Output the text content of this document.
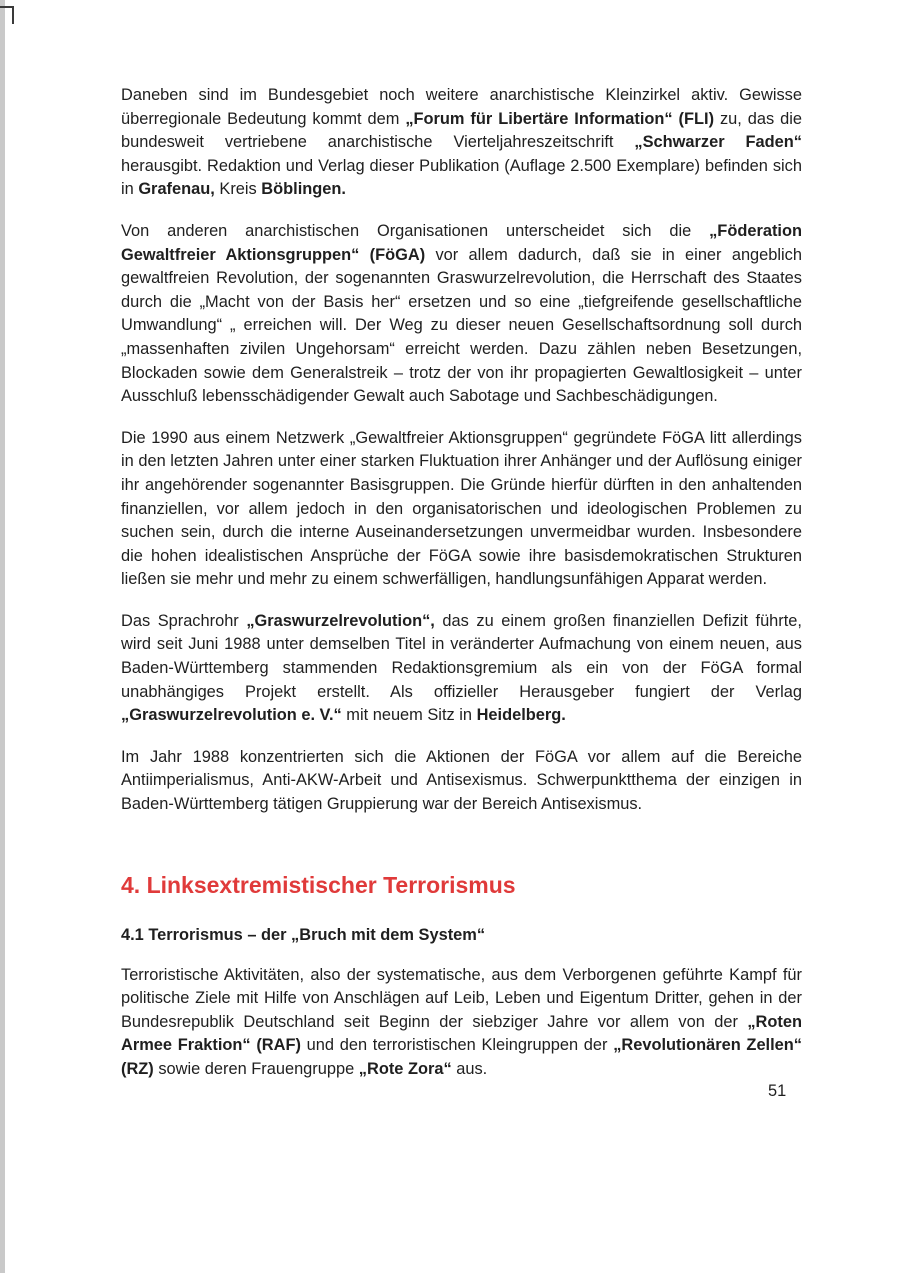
Daneben sind im Bundesgebiet noch weitere anarchistische Kleinzirkel aktiv. Gewisse überregionale Bedeutung kommt dem „Forum für Libertäre Information“ (FLI) zu, das die bundesweit vertriebene anarchistische Vierteljahreszeitschrift „Schwarzer Faden“ herausgibt. Redaktion und Verlag dieser Publikation (Auflage 2.500 Exemplare) befinden sich in Grafenau, Kreis Böblingen.

Von anderen anarchistischen Organisationen unterscheidet sich die „Föderation Gewaltfreier Aktionsgruppen“ (FöGA) vor allem dadurch, daß sie in einer angeblich gewaltfreien Revolution, der sogenannten Graswurzelrevolution, die Herrschaft des Staates durch die „Macht von der Basis her“ ersetzen und so eine „tiefgreifende gesellschaftliche Umwandlung“ „ erreichen will. Der Weg zu dieser neuen Gesellschaftsordnung soll durch „massenhaften zivilen Ungehorsam“ erreicht werden. Dazu zählen neben Besetzungen, Blockaden sowie dem Generalstreik – trotz der von ihr propagierten Gewaltlosigkeit – unter Ausschluß lebensschädigender Gewalt auch Sabotage und Sachbeschädigungen.

Die 1990 aus einem Netzwerk „Gewaltfreier Aktionsgruppen“ gegründete FöGA litt allerdings in den letzten Jahren unter einer starken Fluktuation ihrer Anhänger und der Auflösung einiger ihr angehörender sogenannter Basisgruppen. Die Gründe hierfür dürften in den anhaltenden finanziellen, vor allem jedoch in den organisatorischen und ideologischen Problemen zu suchen sein, durch die interne Auseinandersetzungen unvermeidbar wurden. Insbesondere die hohen idealistischen Ansprüche der FöGA sowie ihre basisdemokratischen Strukturen ließen sie mehr und mehr zu einem schwerfälligen, handlungsunfähigen Apparat werden.

Das Sprachrohr „Graswurzelrevolution“, das zu einem großen finanziellen Defizit führte, wird seit Juni 1988 unter demselben Titel in veränderter Aufmachung von einem neuen, aus Baden-Württemberg stammenden Redaktionsgremium als ein von der FöGA formal unabhängiges Projekt erstellt. Als offizieller Herausgeber fungiert der Verlag „Graswurzelrevolution e. V.“ mit neuem Sitz in Heidelberg.

Im Jahr 1988 konzentrierten sich die Aktionen der FöGA vor allem auf die Bereiche Antiimperialismus, Anti-AKW-Arbeit und Antisexismus. Schwerpunktthema der einzigen in Baden-Württemberg tätigen Gruppierung war der Bereich Antisexismus.

4. Linksextremistischer Terrorismus
4.1 Terrorismus – der „Bruch mit dem System“

Terroristische Aktivitäten, also der systematische, aus dem Verborgenen geführte Kampf für politische Ziele mit Hilfe von Anschlägen auf Leib, Leben und Eigentum Dritter, gehen in der Bundesrepublik Deutschland seit Beginn der siebziger Jahre vor allem von der „Roten Armee Fraktion“ (RAF) und den terroristischen Kleingruppen der „Revolutionären Zellen“ (RZ) sowie deren Frauengruppe „Rote Zora“ aus.

51
